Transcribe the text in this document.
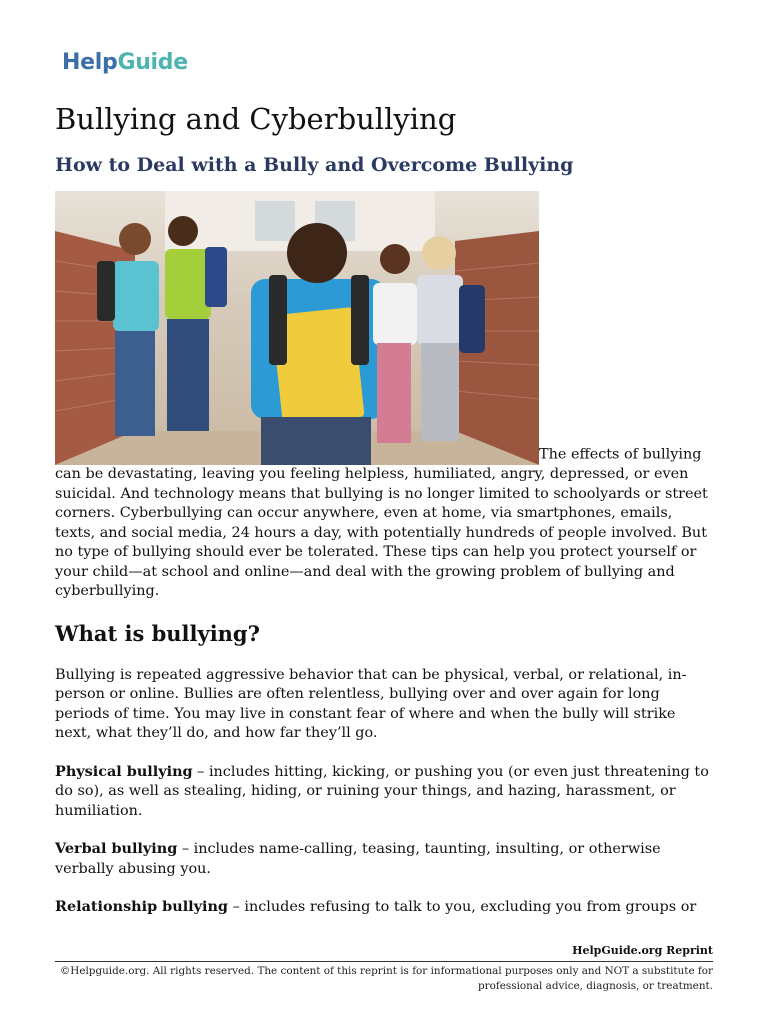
HelpGuide
Bullying and Cyberbullying
How to Deal with a Bully and Overcome Bullying

The effects of bullying can be devastating, leaving you feeling helpless, humiliated, angry, depressed, or even suicidal. And technology means that bullying is no longer limited to schoolyards or street corners. Cyberbullying can occur anywhere, even at home, via smartphones, emails, texts, and social media, 24 hours a day, with potentially hundreds of people involved. But no type of bullying should ever be tolerated. These tips can help you protect yourself or your child—at school and online—and deal with the growing problem of bullying and cyberbullying.

What is bullying?

Bullying is repeated aggressive behavior that can be physical, verbal, or relational, in-person or online. Bullies are often relentless, bullying over and over again for long periods of time. You may live in constant fear of where and when the bully will strike next, what they’ll do, and how far they’ll go.

Physical bullying – includes hitting, kicking, or pushing you (or even just threatening to do so), as well as stealing, hiding, or ruining your things, and hazing, harassment, or humiliation.

Verbal bullying – includes name-calling, teasing, taunting, insulting, or otherwise verbally abusing you.

Relationship bullying – includes refusing to talk to you, excluding you from groups or

HelpGuide.org Reprint
©Helpguide.org. All rights reserved. The content of this reprint is for informational purposes only and NOT a substitute for professional advice, diagnosis, or treatment.
